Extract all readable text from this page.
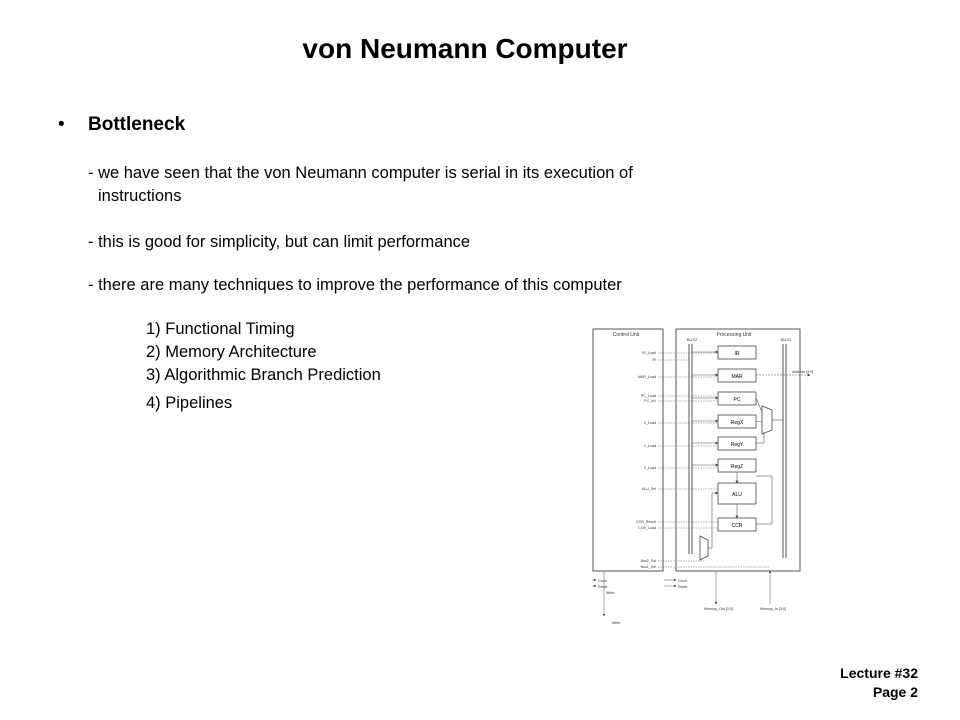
von Neumann Computer
• Bottleneck
- we have seen that the von Neumann computer is serial in its execution of
instructions
- this is good for simplicity, but can limit performance
- there are many techniques to improve the performance of this computer
1) Functional Timing
2) Memory Architecture
3) Algorithmic Branch Prediction
4) Pipelines
Control Unit	Processing Unit
BUS2	BUS1
IR
MAR
PC
RegX
RegY
RegZ
ALU
CCR
Address [3:0]
IR_Load
IR
MAR_Load
PC_Load
PC_Inc
X_Load
Y_Load
Z_Load
ALU_Sel
CCR_Result
CCR_Load
Bus2_Sel
Bus1_Sel
Clock
Reset
Write
Clock
Reset
Write
Memory_Out [3:0]	Memory_In [3:0]
Lecture #32
Page 2
